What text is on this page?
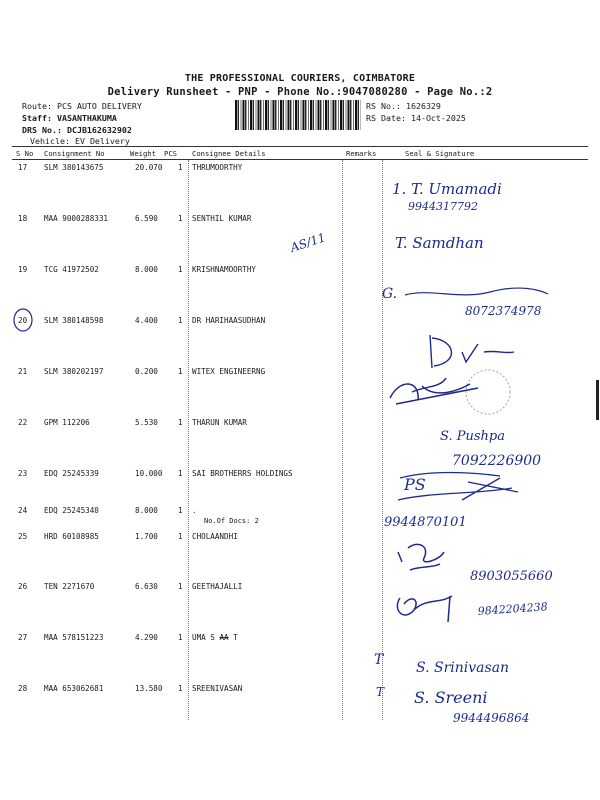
THE PROFESSIONAL COURIERS, COIMBATORE
Delivery Runsheet - PNP - Phone No.:9047080280 - Page No.:2
Route: PCS AUTO DELIVERY
Staff: VASANTHAKUMA
DRS No.: DCJB162632902
Vehicle: EV Delivery
RS No.: 1626329
RS Date: 14-Oct-2025
S No Consignment No	Weight PCS Consignee Details	Remarks	Seal & Signature
17 SLM 380143675	20.070 1 THRUMOORTHY
18 MAA 9000288331	6.590	1 SENTHIL KUMAR
19 TCG 41972502	8.000	1 KRISHNAMOORTHY
20 SLM 380148598	4.400	1 DR HARIHAASUDHAN
21 SLM 380202197	0.200	1 WITEX ENGINEERNG
22 GPM 112206	5.530	1 THARUN KUMAR
23 EDQ 25245339	10.000 1 SAI BROTHERRS HOLDINGS
24 EDQ 25245340	8.000	1 .
No.Of Docs: 2
25 HRD 60108985	1.700	1 CHOLAANDHI
26 TEN 2271670	6.630	1 GEETHAJALLI
27 MAA 578151223	4.290	1 UMA S AA T
28 MAA 653062681	13.580 1 SREENIVASAN
1. T. Umamadi
9944317792
AS/11	T. Samdhan
G.
8072374978
S. Pushpa
7092226900
PS
9944870101
8903055660
9842204238
T S. Srinivasan
T S. Sreeni
9944496864
